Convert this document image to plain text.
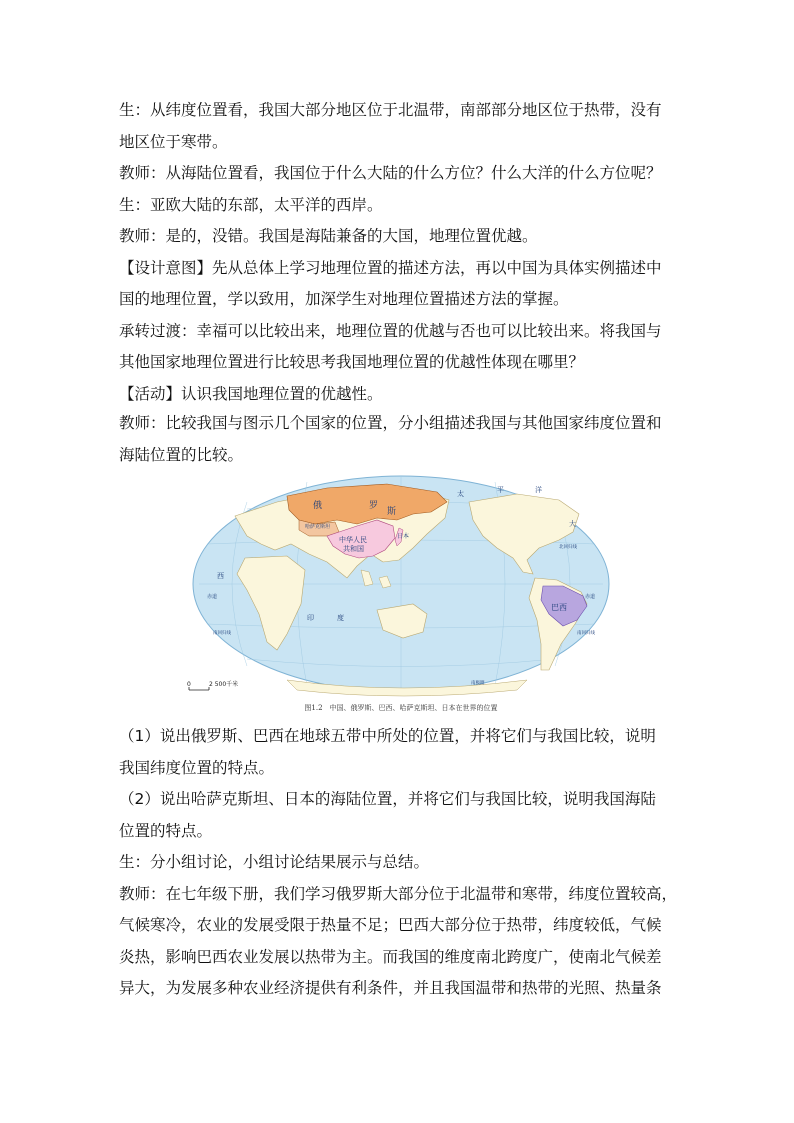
生：从纬度位置看，我国大部分地区位于北温带，南部部分地区位于热带，没有
地区位于寒带。
教师：从海陆位置看，我国位于什么大陆的什么方位？什么大洋的什么方位呢？
生：亚欧大陆的东部，太平洋的西岸。
教师：是的，没错。我国是海陆兼备的大国，地理位置优越。
【设计意图】先从总体上学习地理位置的描述方法，再以中国为具体实例描述中
国的地理位置，学以致用，加深学生对地理位置描述方法的掌握。
承转过渡：幸福可以比较出来，地理位置的优越与否也可以比较出来。将我国与
其他国家地理位置进行比较思考我国地理位置的优越性体现在哪里？
【活动】认识我国地理位置的优越性。
教师：比较我国与图示几个国家的位置，分小组描述我国与其他国家纬度位置和
海陆位置的比较。
俄	罗
斯
哈萨克斯坦
中华人民
共和国
日本
巴西
太	平	洋
大
西
印	度
北回归线
南回归线	南回归线
赤道	赤道
南极圈
0	2 500千米
图1.2　中国、俄罗斯、巴西、哈萨克斯坦、日本在世界的位置
（1）说出俄罗斯、巴西在地球五带中所处的位置，并将它们与我国比较，说明
我国纬度位置的特点。
（2）说出哈萨克斯坦、日本的海陆位置，并将它们与我国比较，说明我国海陆
位置的特点。
生：分小组讨论，小组讨论结果展示与总结。
教师：在七年级下册，我们学习俄罗斯大部分位于北温带和寒带，纬度位置较高，
气候寒冷，农业的发展受限于热量不足；巴西大部分位于热带，纬度较低，气候
炎热，影响巴西农业发展以热带为主。而我国的维度南北跨度广，使南北气候差
异大，为发展多种农业经济提供有利条件，并且我国温带和热带的光照、热量条
